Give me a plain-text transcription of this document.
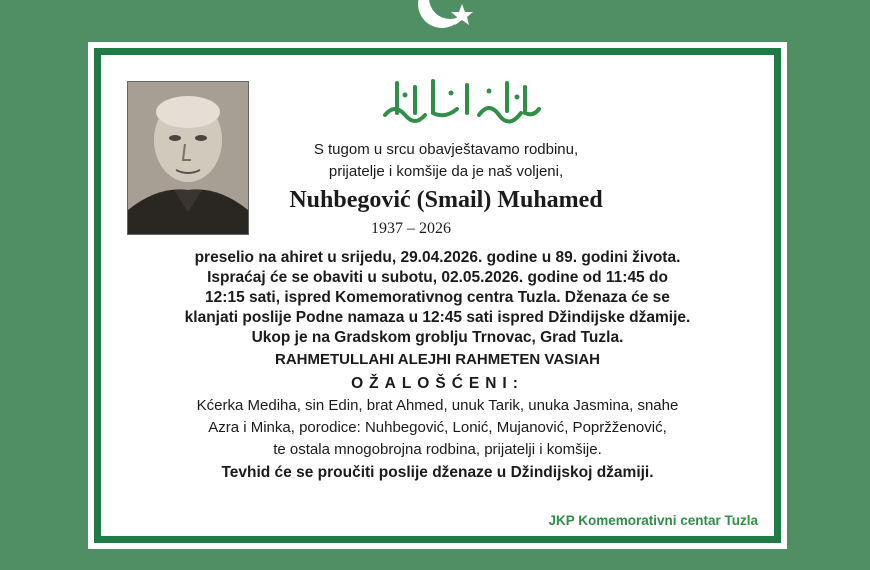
S tugom u srcu obavještavamo rodbinu,
prijatelje i komšije da je naš voljeni,
Nuhbegović (Smail) Muhamed
1937 – 2026
preselio na ahiret u srijedu, 29.04.2026. godine u 89. godini života.
Ispraćaj će se obaviti u subotu, 02.05.2026. godine od 11:45 do
12:15 sati, ispred Komemorativnog centra Tuzla. Dženaza će se
klanjati poslije Podne namaza u 12:45 sati ispred Džindijske džamije.
Ukop je na Gradskom groblju Trnovac, Grad Tuzla.
RAHMETULLAHI ALEJHI RAHMETEN VASIAH
OŽALOŠĆENI:
Kćerka Mediha, sin Edin, brat Ahmed, unuk Tarik, unuka Jasmina, snahe
Azra i Minka, porodice: Nuhbegović, Lonić, Mujanović, Popržženović,
te ostala mnogobrojna rodbina, prijatelji i komšije.
Tevhid će se proučiti poslije dženaze u Džindijskoj džamiji.
JKP Komemorativni centar Tuzla
